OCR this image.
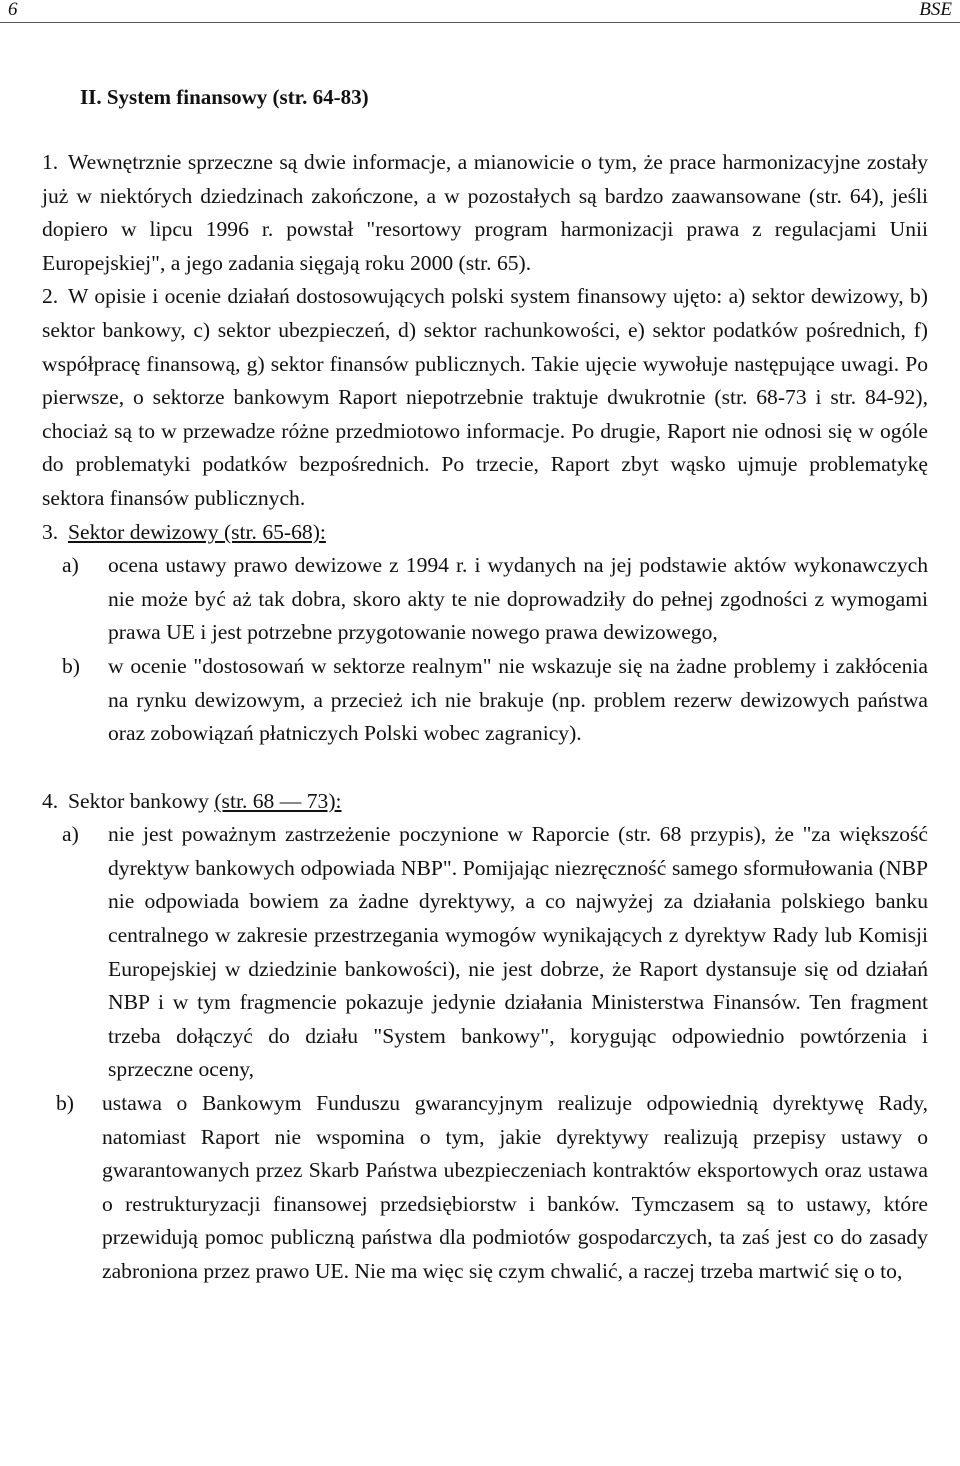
6	BSE
II. System finansowy (str. 64-83)

1. Wewnętrznie sprzeczne są dwie informacje, a mianowicie o tym, że prace harmonizacyjne zostały już w niektórych dziedzinach zakończone, a w pozostałych są bardzo zaawansowane (str. 64), jeśli dopiero w lipcu 1996 r. powstał "resortowy program harmonizacji prawa z regulacjami Unii Europejskiej", a jego zadania sięgają roku 2000 (str. 65).

2. W opisie i ocenie działań dostosowujących polski system finansowy ujęto: a) sektor dewizowy, b) sektor bankowy, c) sektor ubezpieczeń, d) sektor rachunkowości, e) sektor podatków pośrednich, f) współpracę finansową, g) sektor finansów publicznych. Takie ujęcie wywołuje następujące uwagi. Po pierwsze, o sektorze bankowym Raport niepotrzebnie traktuje dwukrotnie (str. 68-73 i str. 84-92), chociaż są to w przewadze różne przedmiotowo informacje. Po drugie, Raport nie odnosi się w ogóle do problematyki podatków bezpośrednich. Po trzecie, Raport zbyt wąsko ujmuje problematykę sektora finansów publicznych.

3. Sektor dewizowy (str. 65-68):

a)	ocena ustawy prawo dewizowe z 1994 r. i wydanych na jej podstawie aktów wykonawczych nie może być aż tak dobra, skoro akty te nie doprowadziły do pełnej zgodności z wymogami prawa UE i jest potrzebne przygotowanie nowego prawa dewizowego,
b)	w ocenie "dostosowań w sektorze realnym" nie wskazuje się na żadne problemy i zakłócenia na rynku dewizowym, a przecież ich nie brakuje (np. problem rezerw dewizowych państwa oraz zobowiązań płatniczych Polski wobec zagranicy).

4. Sektor bankowy (str. 68 — 73):

a)	nie jest poważnym zastrzeżenie poczynione w Raporcie (str. 68 przypis), że "za większość dyrektyw bankowych odpowiada NBP". Pomijając niezręczność samego sformułowania (NBP nie odpowiada bowiem za żadne dyrektywy, a co najwyżej za działania polskiego banku centralnego w zakresie przestrzegania wymogów wynikających z dyrektyw Rady lub Komisji Europejskiej w dziedzinie bankowości), nie jest dobrze, że Raport dystansuje się od działań NBP i w tym fragmencie pokazuje jedynie działania Ministerstwa Finansów. Ten fragment trzeba dołączyć do działu "System bankowy", korygując odpowiednio powtórzenia i sprzeczne oceny,
b)	ustawa o Bankowym Funduszu gwarancyjnym realizuje odpowiednią dyrektywę Rady, natomiast Raport nie wspomina o tym, jakie dyrektywy realizują przepisy ustawy o gwarantowanych przez Skarb Państwa ubezpieczeniach kontraktów eksportowych oraz ustawa o restrukturyzacji finansowej przedsiębiorstw i banków. Tymczasem są to ustawy, które przewidują pomoc publiczną państwa dla podmiotów gospodarczych, ta zaś jest co do zasady zabroniona przez prawo UE. Nie ma więc się czym chwalić, a raczej trzeba martwić się o to,
